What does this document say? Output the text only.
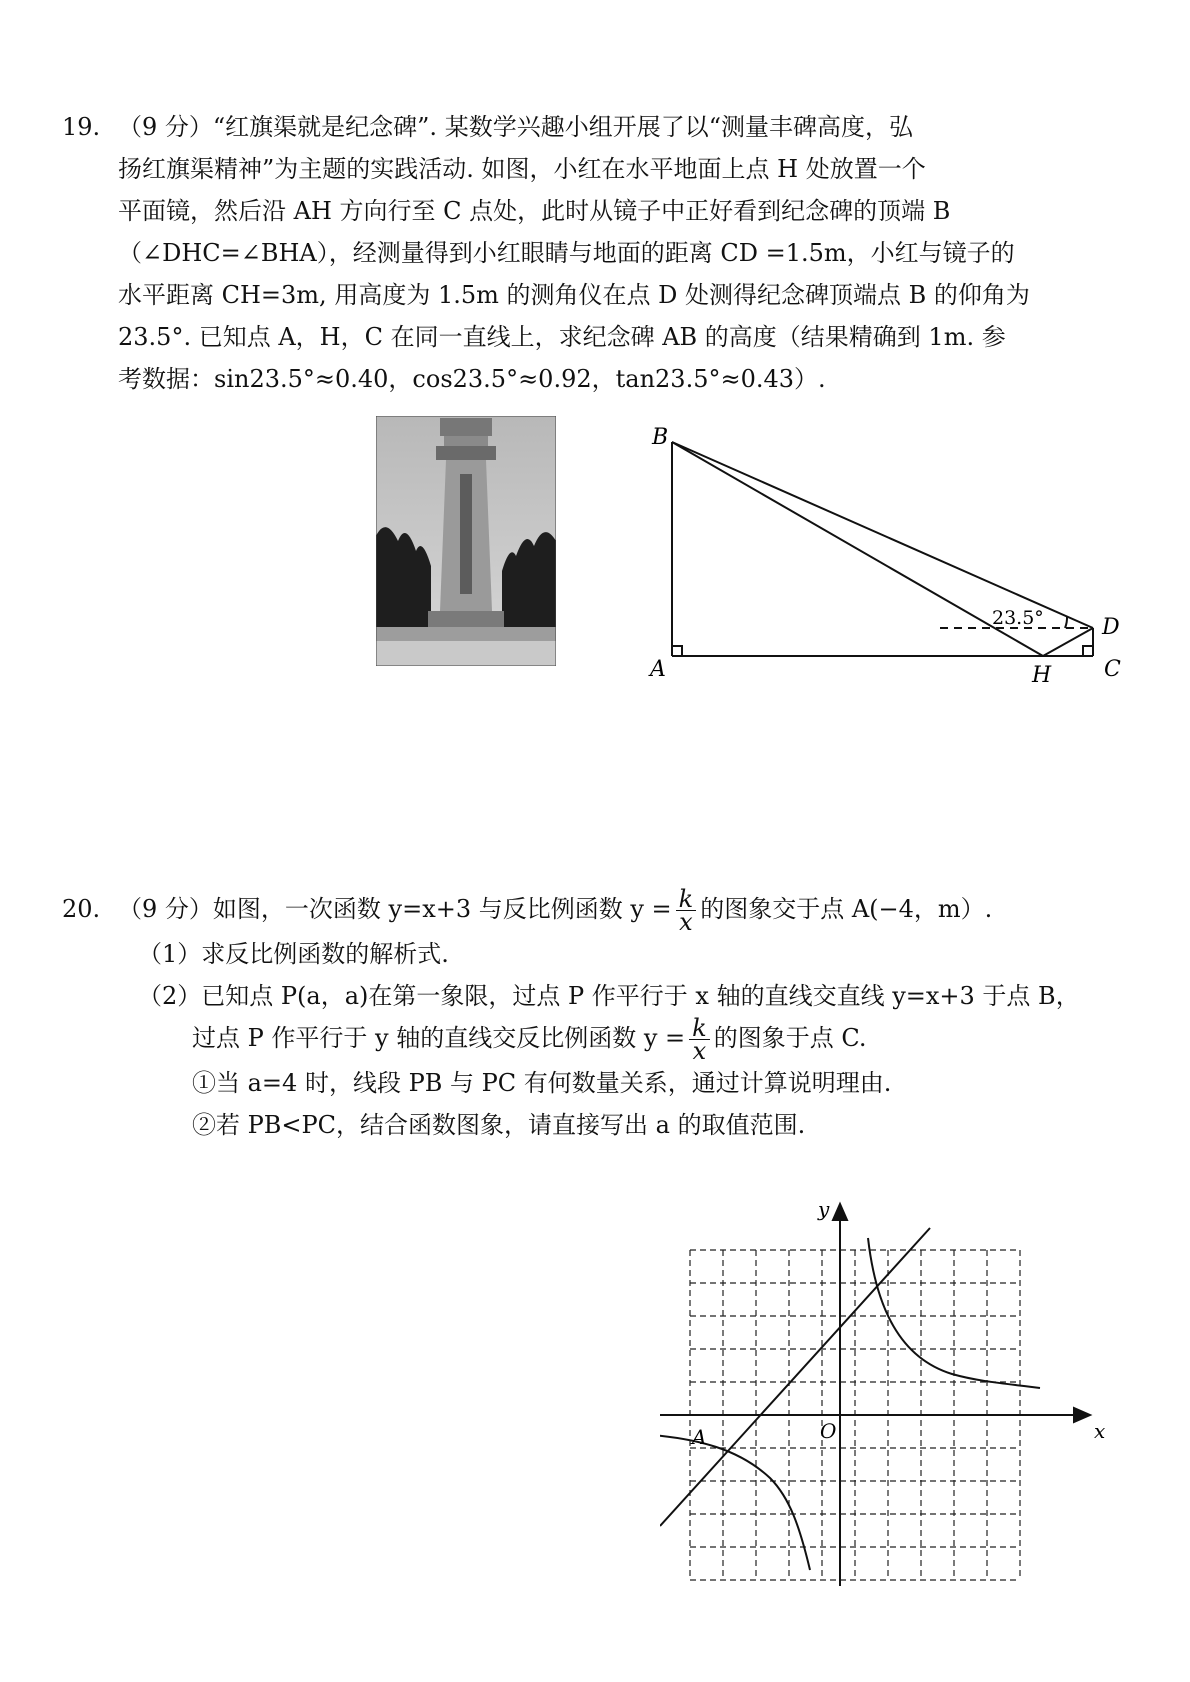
19. （9 分）“红旗渠就是纪念碑”. 某数学兴趣小组开展了以“测量丰碑高度，弘
扬红旗渠精神”为主题的实践活动. 如图，小红在水平地面上点 H 处放置一个
平面镜，然后沿 AH 方向行至 C 点处，此时从镜子中正好看到纪念碑的顶端 B
（∠DHC=∠BHA），经测量得到小红眼睛与地面的距离 CD =1.5m，小红与镜子的
水平距离 CH=3m, 用高度为 1.5m 的测角仪在点 D 处测得纪念碑顶端点 B 的仰角为
23.5°. 已知点 A，H，C 在同一直线上，求纪念碑 AB 的高度（结果精确到 1m. 参
考数据：sin23.5°≈0.40，cos23.5°≈0.92，tan23.5°≈0.43）.
B
A	H C
D
23.5°
20. （9 分）如图，一次函数 y=x+3 与反比例函数 $y = \frac{k}{x}$ 的图象交于点 A(−4，m）.
（1）求反比例函数的解析式.
（2）已知点 P(a，a)在第一象限，过点 P 作平行于 x 轴的直线交直线 y=x+3 于点 B，
过点 P 作平行于 y 轴的直线交反比例函数 $y = \frac{k}{x}$ 的图象于点 C.
①当 a=4 时，线段 PB 与 PC 有何数量关系，通过计算说明理由.
②若 PB<PC，结合函数图象，请直接写出 a 的取值范围.
y
x
O
A
